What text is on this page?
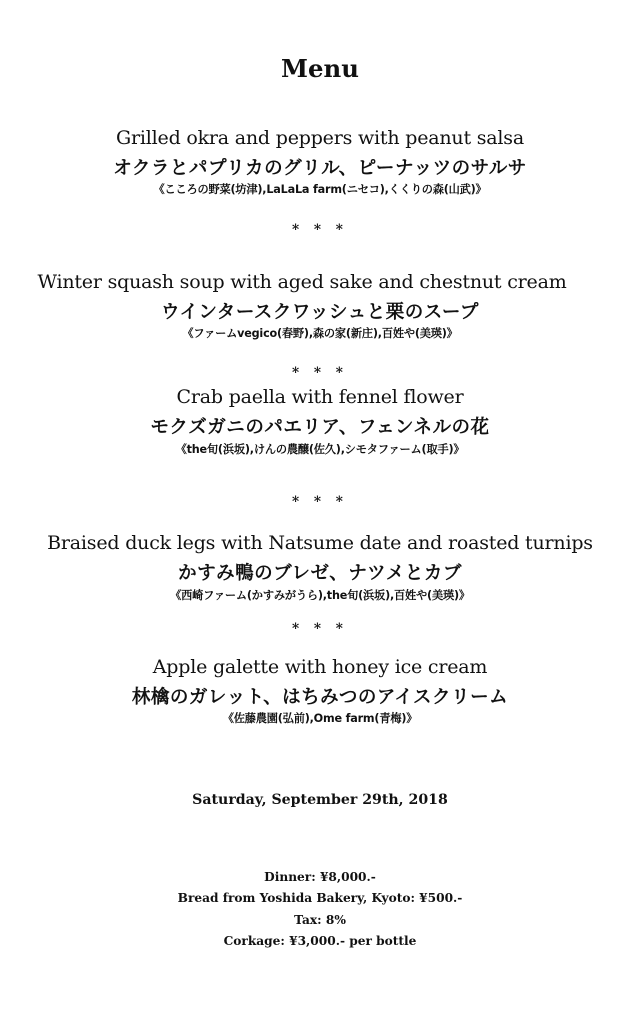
Menu
Grilled okra and peppers with peanut salsa
オクラとパプリカのグリル、ピーナッツのサルサ
《こころの野菜(坊津),LaLaLa farm(ニセコ),くくりの森(山武)》
* * *
Winter squash soup with aged sake and chestnut cream
ウインタースクワッシュと栗のスープ
《ファームvegico(春野),森の家(新庄),百姓や(美瑛)》
* * *
Crab paella with fennel flower
モクズガニのパエリア、フェンネルの花
《the旬(浜坂),けんの農醸(佐久),シモタファーム(取手)》
* * *
Braised duck legs with Natsume date and roasted turnips
かすみ鴨のブレゼ、ナツメとカブ
《西崎ファーム(かすみがうら),the旬(浜坂),百姓や(美瑛)》
* * *
Apple galette with honey ice cream
林檎のガレット、はちみつのアイスクリーム
《佐藤農園(弘前),Ome farm(青梅)》
Saturday, September 29th, 2018
Dinner: ¥8,000.-
Bread from Yoshida Bakery, Kyoto: ¥500.-
Tax: 8%
Corkage: ¥3,000.- per bottle
